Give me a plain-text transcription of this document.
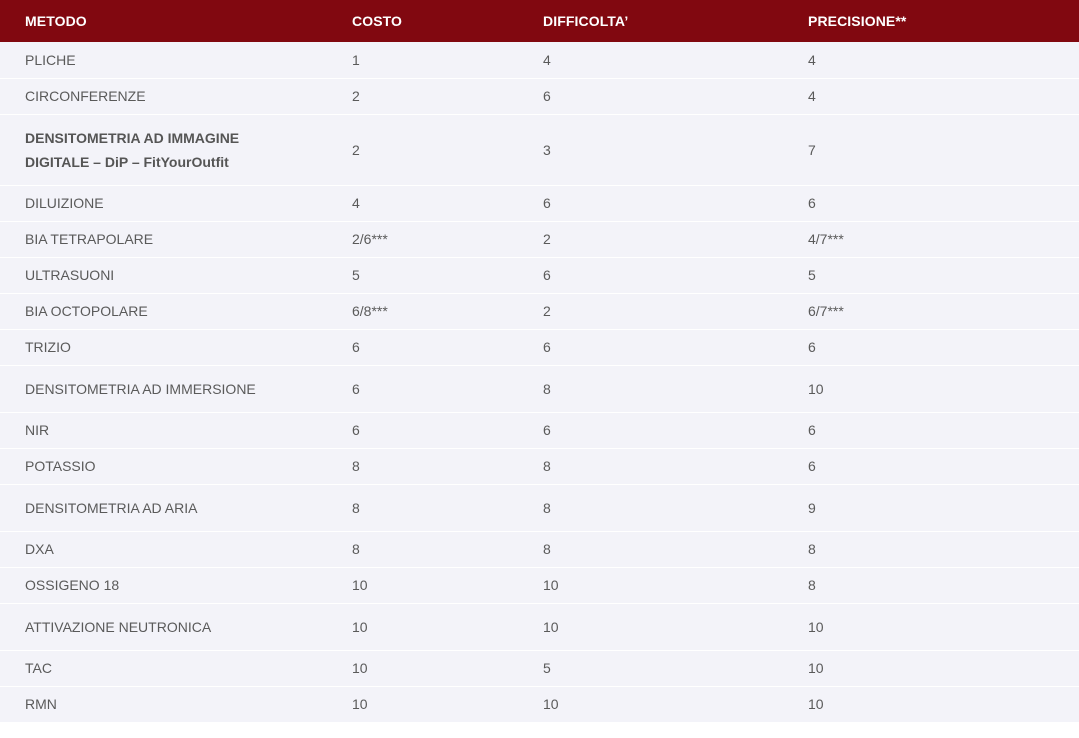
METODO	COSTO	DIFFICOLTA’	PRECISIONE**
PLICHE	1	4	4
CIRCONFERENZE	2	6	4

DENSITOMETRIA AD IMMAGINE
DIGITALE – DiP – FitYourOutfit	2	3	7
DILUIZIONE	4	6	6
BIA TETRAPOLARE	2/6***	2	4/7***
ULTRASUONI	5	6	5
BIA OCTOPOLARE	6/8***	2	6/7***
TRIZIO	6	6	6
DENSITOMETRIA AD IMMERSIONE	6	8	10
NIR	6	6	6
POTASSIO	8	8	6
DENSITOMETRIA AD ARIA	8	8	9
DXA	8	8	8
OSSIGENO 18	10	10	8
ATTIVAZIONE NEUTRONICA	10	10	10
TAC	10	5	10
RMN	10	10	10
